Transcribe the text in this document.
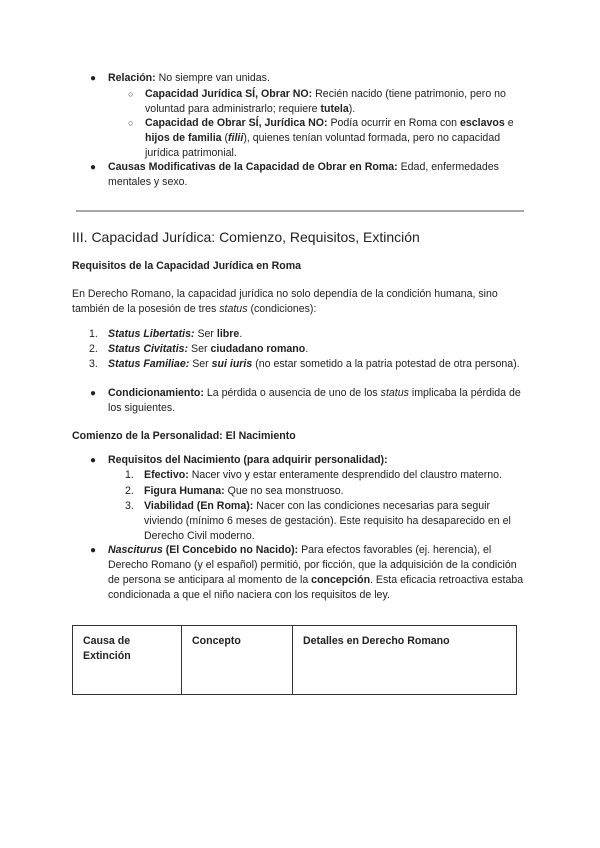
● Relación: No siempre van unidas.
○ Capacidad Jurídica SÍ, Obrar NO: Recién nacido (tiene patrimonio, pero no voluntad para administrarlo; requiere tutela).
○ Capacidad de Obrar SÍ, Jurídica NO: Podía ocurrir en Roma con esclavos e hijos de familia (filii), quienes tenían voluntad formada, pero no capacidad jurídica patrimonial.
● Causas Modificativas de la Capacidad de Obrar en Roma: Edad, enfermedades mentales y sexo.
III. Capacidad Jurídica: Comienzo, Requisitos, Extinción
Requisitos de la Capacidad Jurídica en Roma
En Derecho Romano, la capacidad jurídica no solo dependía de la condición humana, sino también de la posesión de tres status (condiciones):
1. Status Libertatis: Ser libre.
2. Status Civitatis: Ser ciudadano romano.
3. Status Familiae: Ser sui iuris (no estar sometido a la patria potestad de otra persona).
● Condicionamiento: La pérdida o ausencia de uno de los status implicaba la pérdida de los siguientes.
Comienzo de la Personalidad: El Nacimiento
● Requisitos del Nacimiento (para adquirir personalidad):
1. Efectivo: Nacer vivo y estar enteramente desprendido del claustro materno.
2. Figura Humana: Que no sea monstruoso.
3. Viabilidad (En Roma): Nacer con las condiciones necesarias para seguir viviendo (mínimo 6 meses de gestación). Este requisito ha desaparecido en el Derecho Civil moderno.
● Nasciturus (El Concebido no Nacido): Para efectos favorables (ej. herencia), el Derecho Romano (y el español) permitió, por ficción, que la adquisición de la condición de persona se anticipara al momento de la concepción. Esta eficacia retroactiva estaba condicionada a que el niño naciera con los requisitos de ley.
Causa de Extinción	Concepto	Detalles en Derecho Romano
